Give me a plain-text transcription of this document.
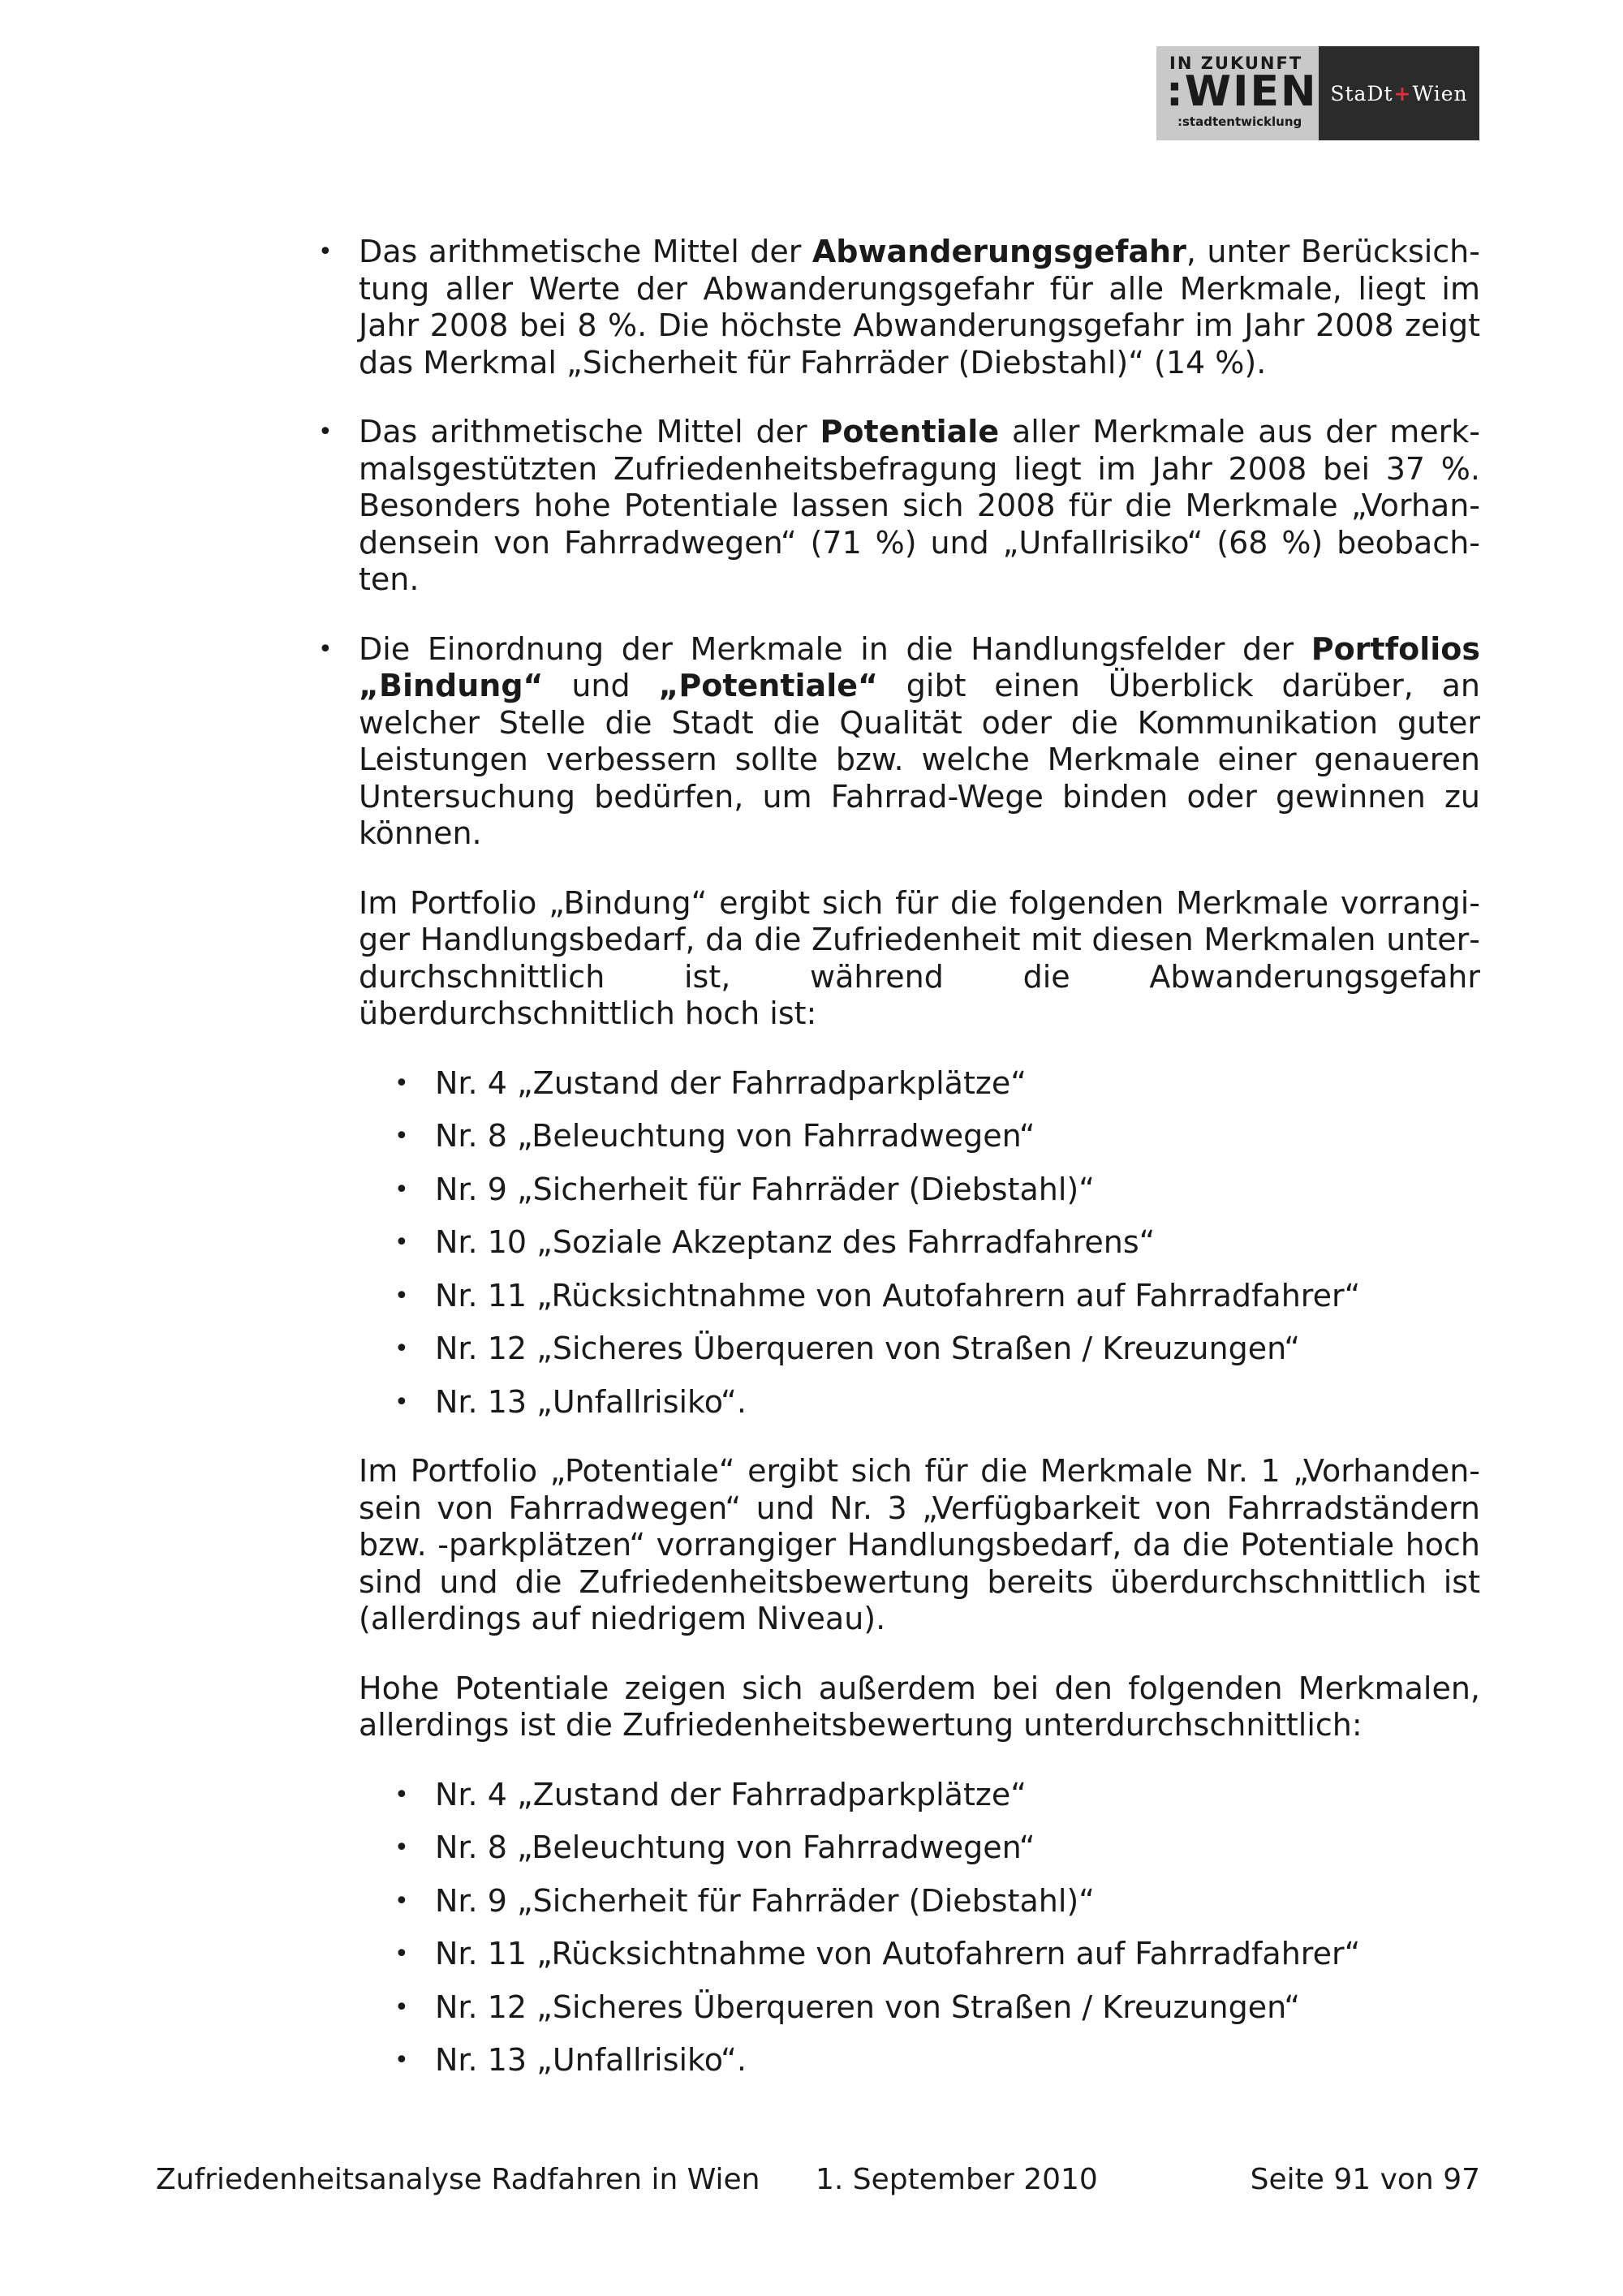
IN ZUKUNFT
:WIEN
:stadtentwicklung
StaDt + Wien
• Das arithmetische Mittel der Abwanderungsgefahr, unter Berücksichtung aller Werte der Abwanderungsgefahr für alle Merkmale, liegt im Jahr 2008 bei 8 %. Die höchste Abwanderungsgefahr im Jahr 2008 zeigt das Merkmal „Sicherheit für Fahrräder (Diebstahl)“ (14 %).
• Das arithmetische Mittel der Potentiale aller Merkmale aus der merkmalsgestützten Zufriedenheitsbefragung liegt im Jahr 2008 bei 37 %. Besonders hohe Potentiale lassen sich 2008 für die Merkmale „Vorhandensein von Fahrradwegen“ (71 %) und „Unfallrisiko“ (68 %) beobachten.
• Die Einordnung der Merkmale in die Handlungsfelder der Portfolios „Bindung“ und „Potentiale“ gibt einen Überblick darüber, an welcher Stelle die Stadt die Qualität oder die Kommunikation guter Leistungen verbessern sollte bzw. welche Merkmale einer genaueren Untersuchung bedürfen, um Fahrrad-Wege binden oder gewinnen zu können.
Im Portfolio „Bindung“ ergibt sich für die folgenden Merkmale vorrangiger Handlungsbedarf, da die Zufriedenheit mit diesen Merkmalen unterdurchschnittlich ist, während die Abwanderungsgefahr überdurchschnittlich hoch ist:
• Nr. 4 „Zustand der Fahrradparkplätze“
• Nr. 8 „Beleuchtung von Fahrradwegen“
• Nr. 9 „Sicherheit für Fahrräder (Diebstahl)“
• Nr. 10 „Soziale Akzeptanz des Fahrradfahrens“
• Nr. 11 „Rücksichtnahme von Autofahrern auf Fahrradfahrer“
• Nr. 12 „Sicheres Überqueren von Straßen / Kreuzungen“
• Nr. 13 „Unfallrisiko“.
Im Portfolio „Potentiale“ ergibt sich für die Merkmale Nr. 1 „Vorhandensein von Fahrradwegen“ und Nr. 3 „Verfügbarkeit von Fahrradständern bzw. -parkplätzen“ vorrangiger Handlungsbedarf, da die Potentiale hoch sind und die Zufriedenheitsbewertung bereits überdurchschnittlich ist (allerdings auf niedrigem Niveau).
Hohe Potentiale zeigen sich außerdem bei den folgenden Merkmalen, allerdings ist die Zufriedenheitsbewertung unterdurchschnittlich:
• Nr. 4 „Zustand der Fahrradparkplätze“
• Nr. 8 „Beleuchtung von Fahrradwegen“
• Nr. 9 „Sicherheit für Fahrräder (Diebstahl)“
• Nr. 11 „Rücksichtnahme von Autofahrern auf Fahrradfahrer“
• Nr. 12 „Sicheres Überqueren von Straßen / Kreuzungen“
• Nr. 13 „Unfallrisiko“.
Zufriedenheitsanalyse Radfahren in Wien 1. September 2010	Seite 91 von 97
